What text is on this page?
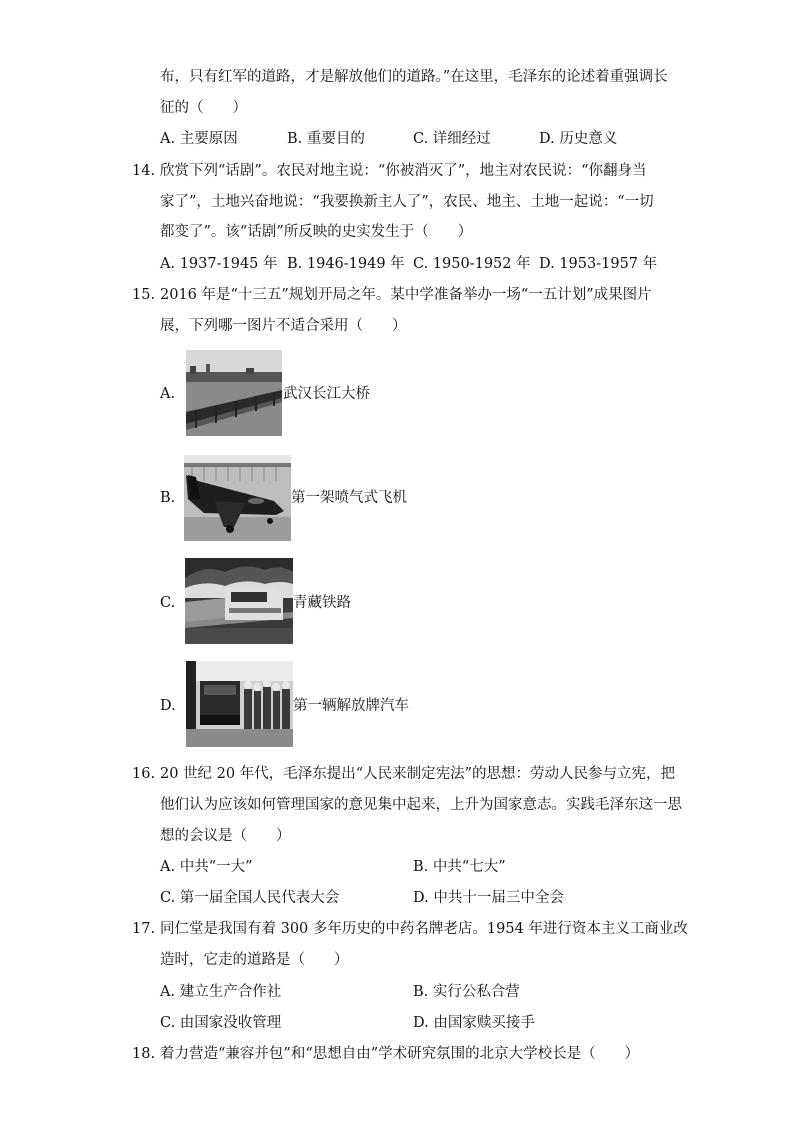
布，只有红军的道路，才是解放他们的道路。”在这里，毛泽东的论述着重强调长
征的（　　）
A. 主要原因	B. 重要目的	C. 详细经过	D. 历史意义
14. 欣赏下列“话剧”。农民对地主说：“你被消灭了”，地主对农民说：“你翻身当
家了”，土地兴奋地说：“我要换新主人了”，农民、地主、土地一起说：“一切
都变了”。该“话剧”所反映的史实发生于（　　）
A. 1937-1945 年 B. 1946-1949 年 C. 1950-1952 年 D. 1953-1957 年
15. 2016 年是“十三五”规划开局之年。某中学准备举办一场“一五计划”成果图片
展，下列哪一图片不适合采用（　　）
A.	武汉长江大桥
B.	第一架喷气式飞机
C.	青藏铁路
D.	第一辆解放牌汽车
16. 20 世纪 20 年代，毛泽东提出“人民来制定宪法”的思想：劳动人民参与立宪，把
他们认为应该如何管理国家的意见集中起来，上升为国家意志。实践毛泽东这一思
想的会议是（　　）
A. 中共“一大”	B. 中共“七大”
C. 第一届全国人民代表大会	D. 中共十一届三中全会
17. 同仁堂是我国有着 300 多年历史的中药名牌老店。1954 年进行资本主义工商业改
造时，它走的道路是（　　）
A. 建立生产合作社	B. 实行公私合营
C. 由国家没收管理	D. 由国家赎买接手
18. 着力营造“兼容并包”和“思想自由”学术研究氛围的北京大学校长是（　　）
